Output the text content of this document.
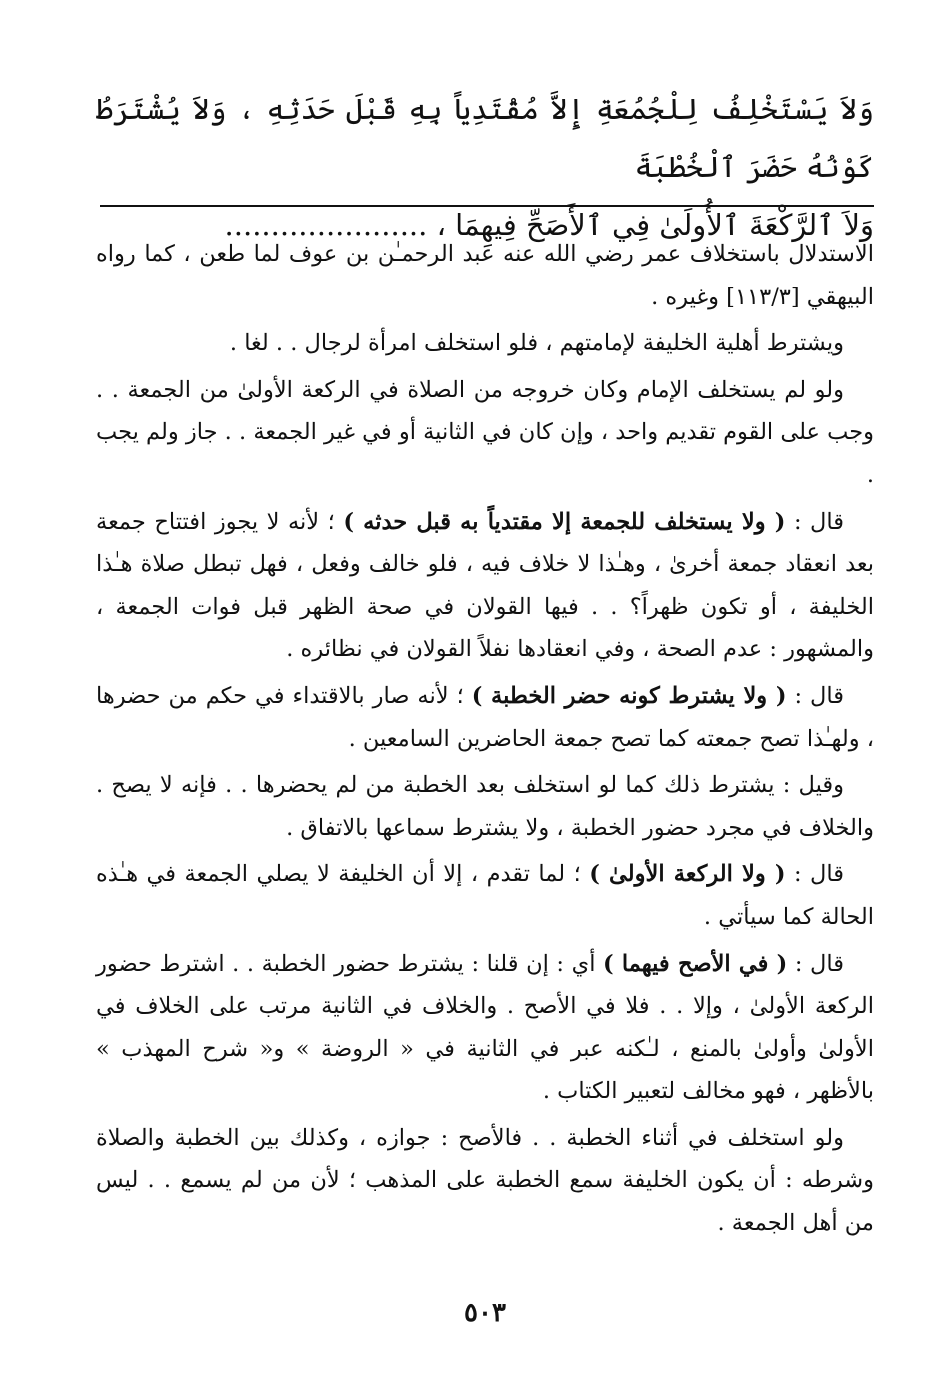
وَلاَ يَسْتَخْلِفُ لِلْجُمُعَةِ إِلاَّ مُقْتَدِياً بِهِ قَبْلَ حَدَثِهِ ، وَلاَ يُشْتَرَطُ كَوْنُهُ حَضَرَ ٱلْخُطْبَةَ

وَلاَ ٱلرَّكْعَةَ ٱلأُولَىٰ فِي ٱلأَصَحِّ فِيهِمَا ، ......................

الاستدلال باستخلاف عمر رضي الله عنه عبد الرحمـٰن بن عوف لما طعن ، كما رواه البيهقي [١١٣/٣] وغيره .

ويشترط أهلية الخليفة لإمامتهم ، فلو استخلف امرأة لرجال . . لغا .

ولو لم يستخلف الإمام وكان خروجه من الصلاة في الركعة الأولىٰ من الجمعة . . وجب على القوم تقديم واحد ، وإن كان في الثانية أو في غير الجمعة . . جاز ولم يجب .

قال : ( ولا يستخلف للجمعة إلا مقتدياً به قبل حدثه ) ؛ لأنه لا يجوز افتتاح جمعة بعد انعقاد جمعة أخرىٰ ، وهـٰذا لا خلاف فيه ، فلو خالف وفعل ، فهل تبطل صلاة هـٰذا الخليفة ، أو تكون ظهراً؟ . . فيها القولان في صحة الظهر قبل فوات الجمعة ، والمشهور : عدم الصحة ، وفي انعقادها نفلاً القولان في نظائره .

قال : ( ولا يشترط كونه حضر الخطبة ) ؛ لأنه صار بالاقتداء في حكم من حضرها ، ولهـٰذا تصح جمعته كما تصح جمعة الحاضرين السامعين .

وقيل : يشترط ذلك كما لو استخلف بعد الخطبة من لم يحضرها . . فإنه لا يصح . والخلاف في مجرد حضور الخطبة ، ولا يشترط سماعها بالاتفاق .

قال : ( ولا الركعة الأولىٰ ) ؛ لما تقدم ، إلا أن الخليفة لا يصلي الجمعة في هـٰذه الحالة كما سيأتي .

قال : ( في الأصح فيهما ) أي : إن قلنا : يشترط حضور الخطبة . . اشترط حضور الركعة الأولىٰ ، وإلا . . فلا في الأصح . والخلاف في الثانية مرتب على الخلاف في الأولىٰ وأولىٰ بالمنع ، لـٰكنه عبر في الثانية في « الروضة » و« شرح المهذب » بالأظهر ، فهو مخالف لتعبير الكتاب .

ولو استخلف في أثناء الخطبة . . فالأصح : جوازه ، وكذلك بين الخطبة والصلاة وشرطه : أن يكون الخليفة سمع الخطبة على المذهب ؛ لأن من لم يسمع . . ليس من أهل الجمعة .

٥٠٣
